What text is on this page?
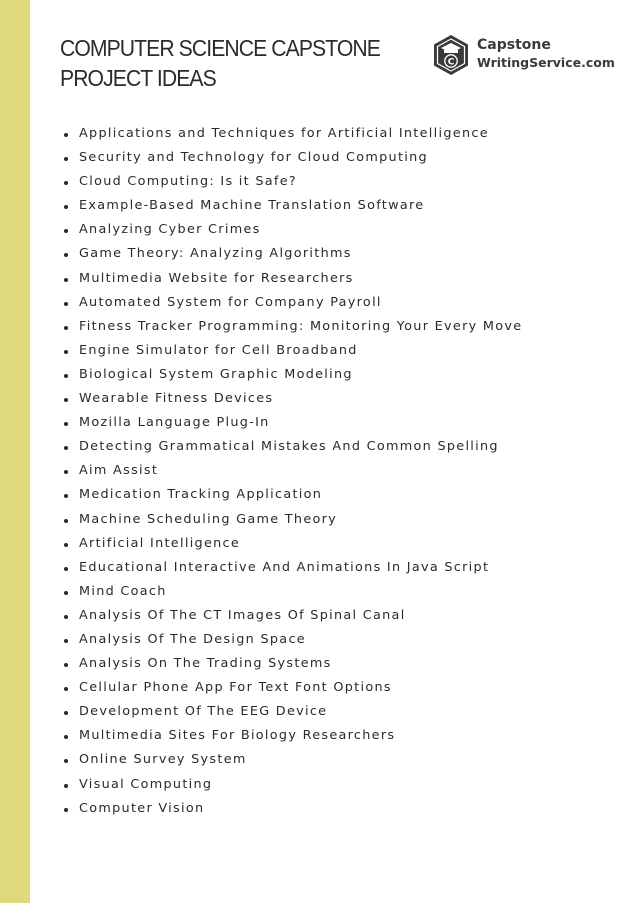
COMPUTER SCIENCE CAPSTONE
PROJECT IDEAS
C
Capstone
WritingService.com
Applications and Techniques for Artificial Intelligence
Security and Technology for Cloud Computing
Cloud Computing: Is it Safe?
Example-Based Machine Translation Software
Analyzing Cyber Crimes
Game Theory: Analyzing Algorithms
Multimedia Website for Researchers
Automated System for Company Payroll
Fitness Tracker Programming: Monitoring Your Every Move
Engine Simulator for Cell Broadband
Biological System Graphic Modeling
Wearable Fitness Devices
Mozilla Language Plug-In
Detecting Grammatical Mistakes And Common Spelling
Aim Assist
Medication Tracking Application
Machine Scheduling Game Theory
Artificial Intelligence
Educational Interactive And Animations In Java Script
Mind Coach
Analysis Of The CT Images Of Spinal Canal
Analysis Of The Design Space
Analysis On The Trading Systems
Cellular Phone App For Text Font Options
Development Of The EEG Device
Multimedia Sites For Biology Researchers
Online Survey System
Visual Computing
Computer Vision
